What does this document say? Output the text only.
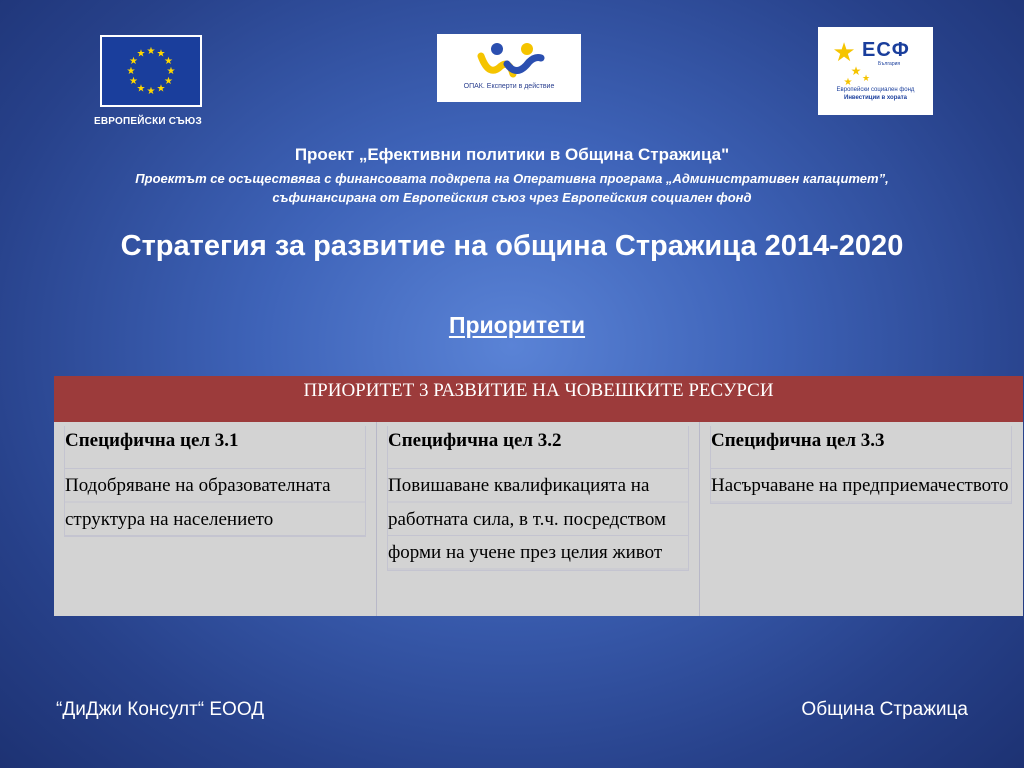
★ ★
★
★
★
★
★
★
★
★
★
★
ЕВРОПЕЙСКИ СЪЮЗ
ОПАК. Експерти в действие
★
★
★ ★
ЕСФ
България
Европейски социален фонд
Инвестиции в хората
Проект „Ефективни политики в Община Стражица"
Проектът се осъществява с финансовата подкрепа на Оперативна програма „Административен капацитет”,
съфинансирана от Европейския съюз чрез Европейския социален фонд
Стратегия за развитие на община Стражица 2014-2020
Приоритети
ПРИОРИТЕТ 3 РАЗВИТИЕ НА ЧОВЕШКИТЕ РЕСУРСИ
Специфична цел 3.1
Подобряване на образователната структура на населението
Специфична цел 3.2
Повишаване квалификацията на работната сила, в т.ч. посредством форми на учене през целия живот
Специфична цел 3.3
Насърчаване на предприемачеството
“ДиДжи Консулт“ ЕООД	Община Стражица
